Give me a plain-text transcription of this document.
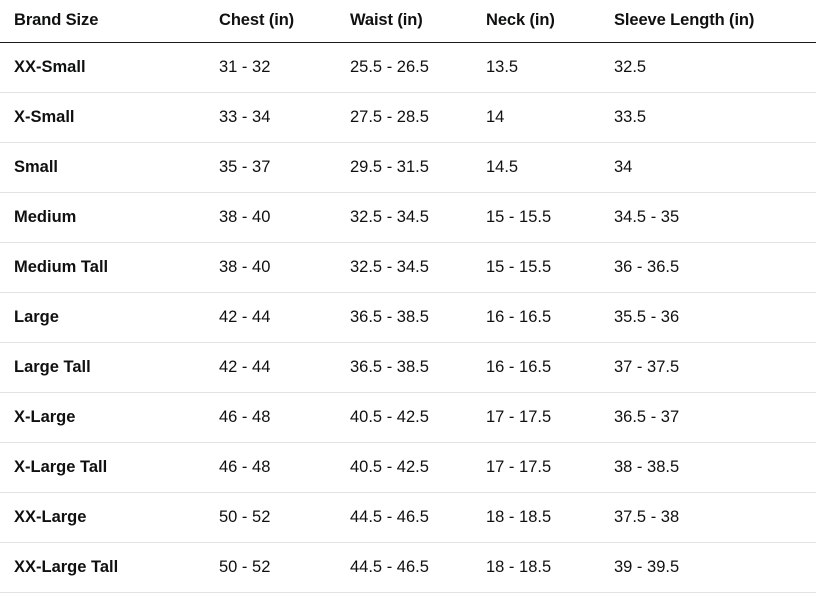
Brand Size	Chest (in)	Waist (in)	Neck (in)	Sleeve Length (in)
XX-Small	31 - 32	25.5 - 26.5	13.5	32.5
X-Small	33 - 34	27.5 - 28.5	14	33.5
Small	35 - 37	29.5 - 31.5	14.5	34
Medium	38 - 40	32.5 - 34.5	15 - 15.5	34.5 - 35
Medium Tall	38 - 40	32.5 - 34.5	15 - 15.5	36 - 36.5
Large	42 - 44	36.5 - 38.5	16 - 16.5	35.5 - 36
Large Tall	42 - 44	36.5 - 38.5	16 - 16.5	37 - 37.5
X-Large	46 - 48	40.5 - 42.5	17 - 17.5	36.5 - 37
X-Large Tall	46 - 48	40.5 - 42.5	17 - 17.5	38 - 38.5
XX-Large	50 - 52	44.5 - 46.5	18 - 18.5	37.5 - 38
XX-Large Tall	50 - 52	44.5 - 46.5	18 - 18.5	39 - 39.5
